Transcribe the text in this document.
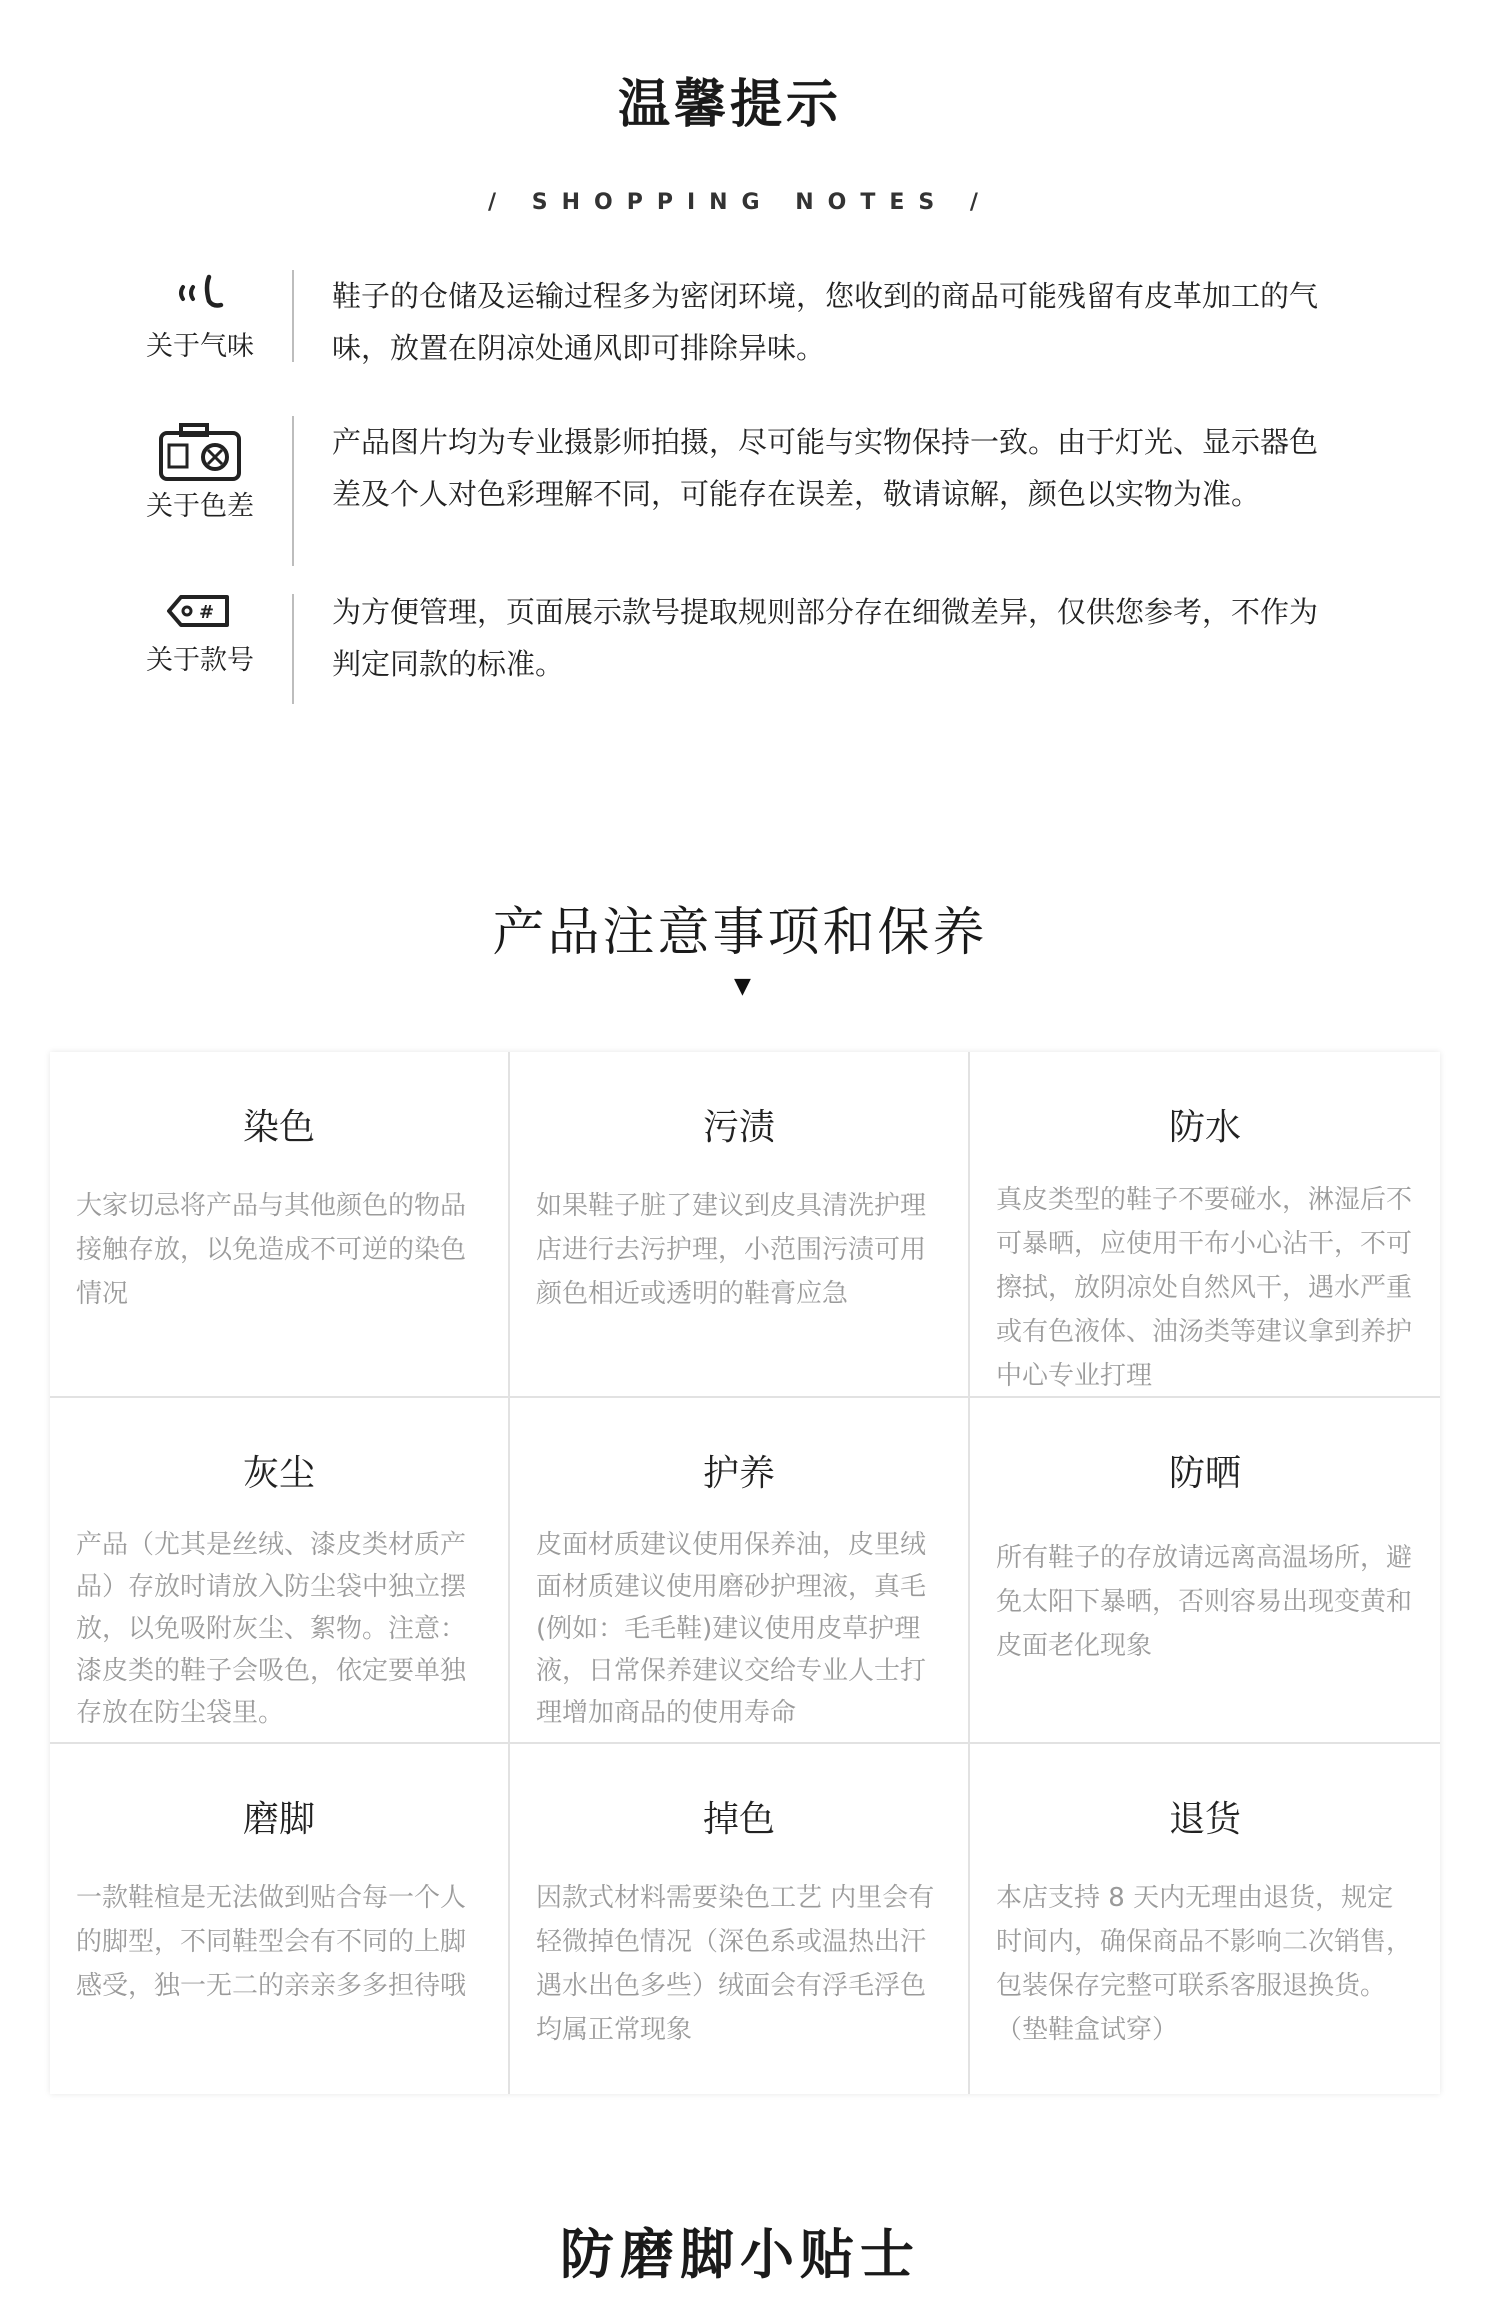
温馨提示
/ SHOPPING NOTES /
关于气味
鞋子的仓储及运输过程多为密闭环境，您收到的商品可能残留有皮革加工的气味，放置在阴凉处通风即可排除异味。
关于色差
产品图片均为专业摄影师拍摄，尽可能与实物保持一致。由于灯光、显示器色差及个人对色彩理解不同，可能存在误差，敬请谅解，颜色以实物为准。
#
关于款号
为方便管理，页面展示款号提取规则部分存在细微差异，仅供您参考，不作为判定同款的标准。
产品注意事项和保养
▼
染色
大家切忌将产品与其他颜色的物品接触存放，以免造成不可逆的染色情况
污渍
如果鞋子脏了建议到皮具清洗护理店进行去污护理，小范围污渍可用颜色相近或透明的鞋膏应急
防水
真皮类型的鞋子不要碰水，淋湿后不可暴晒，应使用干布小心沾干，不可擦拭，放阴凉处自然风干，遇水严重或有色液体、油汤类等建议拿到养护中心专业打理
灰尘
产品（尤其是丝绒、漆皮类材质产品）存放时请放入防尘袋中独立摆放，以免吸附灰尘、絮物。注意：漆皮类的鞋子会吸色，依定要单独存放在防尘袋里。
护养
皮面材质建议使用保养油，皮里绒面材质建议使用磨砂护理液，真毛(例如：毛毛鞋)建议使用皮草护理液，日常保养建议交给专业人士打理增加商品的使用寿命
防晒
所有鞋子的存放请远离高温场所，避免太阳下暴晒，否则容易出现变黄和皮面老化现象
磨脚
一款鞋楦是无法做到贴合每一个人的脚型，不同鞋型会有不同的上脚感受，独一无二的亲亲多多担待哦
掉色
因款式材料需要染色工艺 内里会有轻微掉色情况（深色系或温热出汗遇水出色多些）绒面会有浮毛浮色均属正常现象
退货
本店支持 8 天内无理由退货，规定时间内，确保商品不影响二次销售，包装保存完整可联系客服退换货。（垫鞋盒试穿）
防磨脚小贴士
